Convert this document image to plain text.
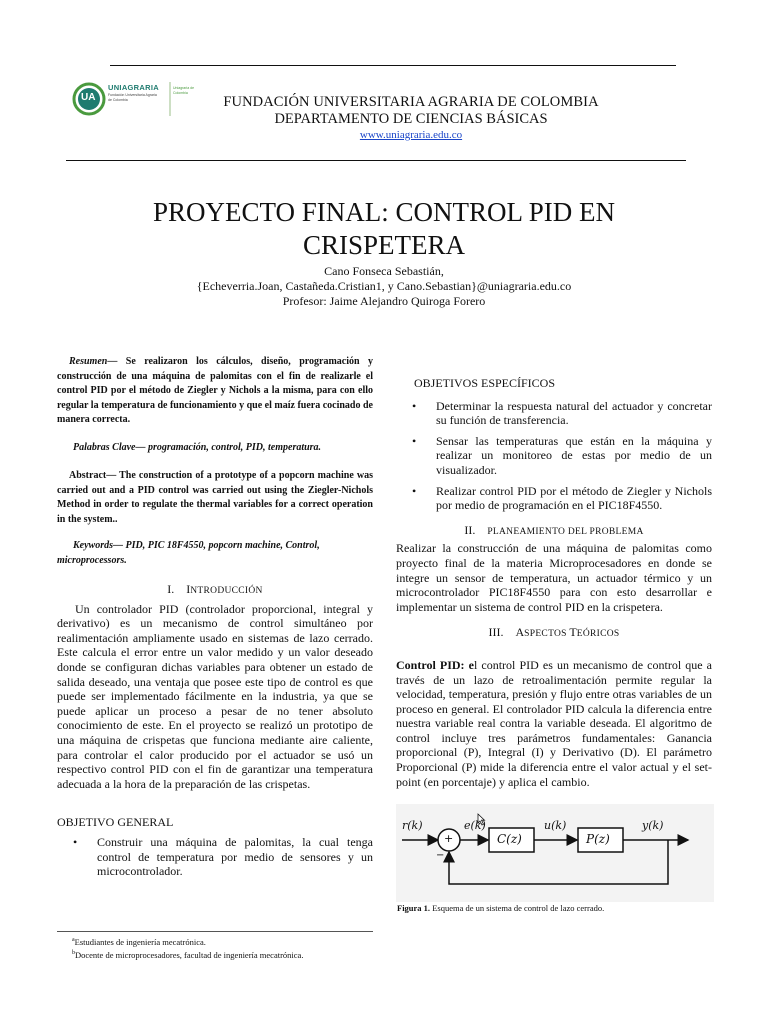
UA
UNIAGRARIA
Fundación Universitaria Agraria
de Colombia
Uniagraria de Colombia
FUNDACIÓN UNIVERSITARIA AGRARIA DE COLOMBIA
DEPARTAMENTO DE CIENCIAS BÁSICAS
www.uniagraria.edu.co
PROYECTO FINAL: CONTROL PID EN
CRISPETERA
Cano Fonseca Sebastián,
{Echeverria.Joan, Castañeda.Cristian1, y Cano.Sebastian}@uniagraria.edu.co
Profesor: Jaime Alejandro Quiroga Forero

Resumen— Se realizaron los cálculos, diseño, programación y construcción de una máquina de palomitas con el fin de realizarle el control PID por el método de Ziegler y Nichols a la misma, para con ello regular la temperatura de funcionamiento y que el maíz fuera cocinado de manera correcta.

Palabras Clave— programación, control, PID, temperatura.

Abstract— The construction of a prototype of a popcorn machine was carried out and a PID control was carried out using the Ziegler-Nichols Method in order to regulate the thermal variables for a correct operation in the system..

Keywords— PID, PIC 18F4550, popcorn machine, Control, microprocessors.

I. INTRODUCCIÓN

Un controlador PID (controlador proporcional, integral y derivativo) es un mecanismo de control simultáneo por realimentación ampliamente usado en sistemas de lazo cerrado. Este calcula el error entre un valor medido y un valor deseado donde se configuran dichas variables para obtener un estado de salida deseado, una ventaja que posee este tipo de control es que puede ser implementado fácilmente en la industria, ya que se puede aplicar un proceso a pesar de no tener absoluto conocimiento de este. En el proyecto se realizó un prototipo de una máquina de crispetas que funciona mediante aire caliente, para controlar el calor producido por el actuador se usó un respectivo control PID con el fin de garantizar una temperatura adecuada a la hora de la preparación de las crispetas.

OBJETIVO GENERAL

• Construir una máquina de palomitas, la cual tenga control de temperatura por medio de sensores y un microcontrolador.

OBJETIVOS ESPECÍFICOS

• Determinar la respuesta natural del actuador y concretar su función de transferencia.
• Sensar las temperaturas que están en la máquina y realizar un monitoreo de estas por medio de un visualizador.
• Realizar control PID por el método de Ziegler y Nichols por medio de programación en el PIC18F4550.

II. PLANEAMIENTO DEL PROBLEMA

Realizar la construcción de una máquina de palomitas como proyecto final de la materia Microprocesadores en donde se integre un sensor de temperatura, un actuador térmico y un microcontrolador PIC18F4550 para con esto desarrollar e implementar un sistema de control PID en la crispetera.

III. ASPECTOS TEÓRICOS

Control PID: el control PID es un mecanismo de control que a través de un lazo de retroalimentación permite regular la velocidad, temperatura, presión y flujo entre otras variables de un proceso en general. El controlador PID calcula la diferencia entre nuestra variable real contra la variable deseada. El algoritmo de control incluye tres parámetros fundamentales: Ganancia proporcional (P), Integral (I) y Derivativo (D). El parámetro Proporcional (P) mide la diferencia entre el valor actual y el set-point (en porcentaje) y aplica el cambio.

r(k)
+
−
e(k)
C(z)
u(k)
P(z)
y(k)
Figura 1. Esquema de un sistema de control de lazo cerrado.
$^a$Estudiantes de ingeniería mecatrónica.
$^b$Docente de microprocesadores, facultad de ingeniería mecatrónica.
